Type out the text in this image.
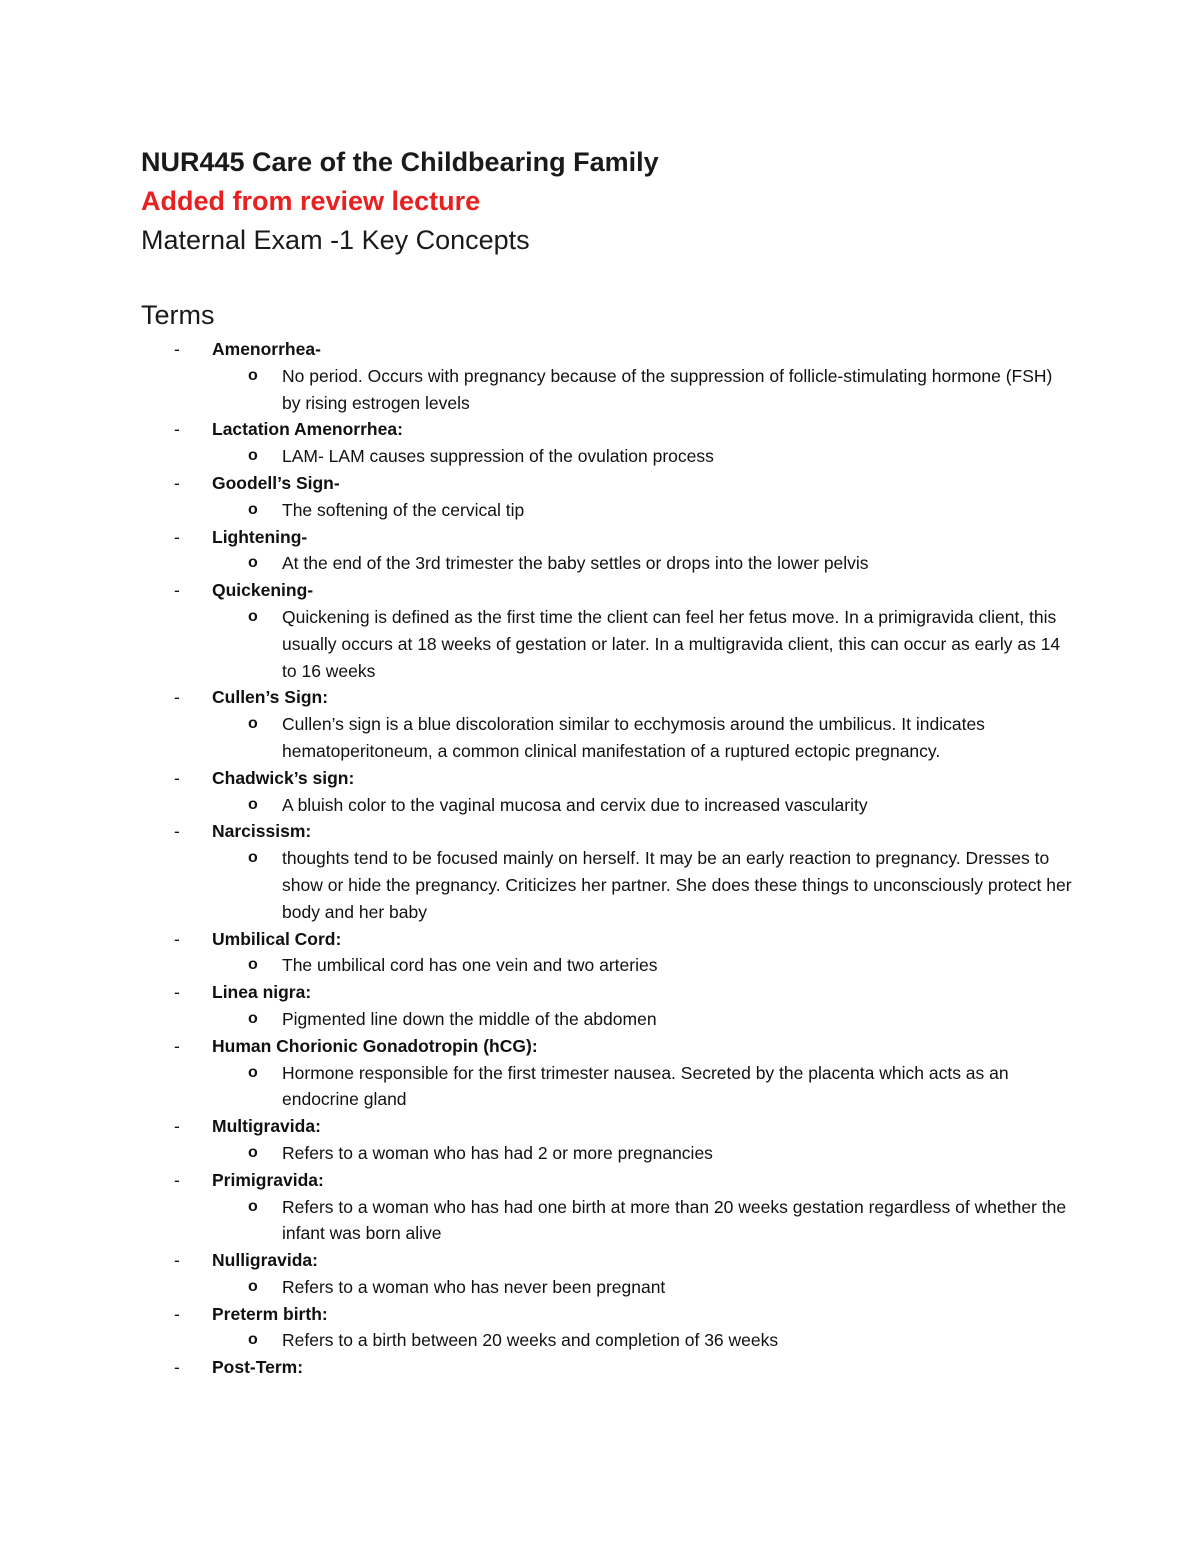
NUR445 Care of the Childbearing Family
Added from review lecture
Maternal Exam -1 Key Concepts
Terms
-	Amenorrhea-
o No period. Occurs with pregnancy because of the suppression of follicle-stimulating hormone (FSH) by rising estrogen levels
-	Lactation Amenorrhea:
o LAM- LAM causes suppression of the ovulation process
-	Goodell’s Sign-
o The softening of the cervical tip
-	Lightening-
o At the end of the 3rd trimester the baby settles or drops into the lower pelvis
-	Quickening-
o Quickening is defined as the first time the client can feel her fetus move. In a primigravida client, this usually occurs at 18 weeks of gestation or later. In a multigravida client, this can occur as early as 14 to 16 weeks
-	Cullen’s Sign:
o Cullen’s sign is a blue discoloration similar to ecchymosis around the umbilicus. It indicates hematoperitoneum, a common clinical manifestation of a ruptured ectopic pregnancy.
-	Chadwick’s sign:
o A bluish color to the vaginal mucosa and cervix due to increased vascularity
-	Narcissism:
o thoughts tend to be focused mainly on herself. It may be an early reaction to pregnancy. Dresses to show or hide the pregnancy. Criticizes her partner. She does these things to unconsciously protect her body and her baby
-	Umbilical Cord:
o The umbilical cord has one vein and two arteries
-	Linea nigra:
o Pigmented line down the middle of the abdomen
-	Human Chorionic Gonadotropin (hCG):
o Hormone responsible for the first trimester nausea. Secreted by the placenta which acts as an endocrine gland
-	Multigravida:
o Refers to a woman who has had 2 or more pregnancies
-	Primigravida:
o Refers to a woman who has had one birth at more than 20 weeks gestation regardless of whether the infant was born alive
-	Nulligravida:
o Refers to a woman who has never been pregnant
-	Preterm birth:
o Refers to a birth between 20 weeks and completion of 36 weeks
-	Post-Term:
